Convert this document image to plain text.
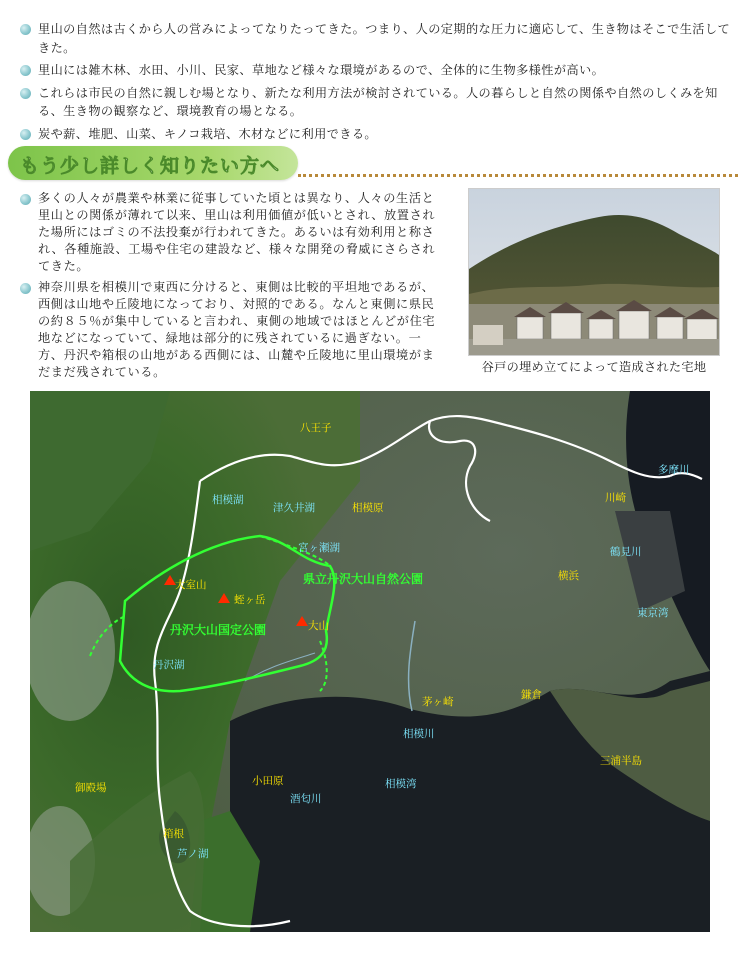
里山の自然は古くから人の営みによってなりたってきた。つまり、人の定期的な圧力に適応して、生き物はそこで生活してきた。
里山には雑木林、水田、小川、民家、草地など様々な環境があるので、全体的に生物多様性が高い。
これらは市民の自然に親しむ場となり、新たな利用方法が検討されている。人の暮らしと自然の関係や自然のしくみを知る、生き物の観察など、環境教育の場となる。
炭や薪、堆肥、山菜、キノコ栽培、木材などに利用できる。
もう少し詳しく知りたい方へ
多くの人々が農業や林業に従事していた頃とは異なり、人々の生活と里山との関係が薄れて以来、里山は利用価値が低いとされ、放置された場所にはゴミの不法投棄が行われてきた。あるいは有効利用と称され、各種施設、工場や住宅の建設など、様々な開発の脅威にさらされてきた。
神奈川県を相模川で東西に分けると、東側は比較的平坦地であるが、西側は山地や丘陵地になっており、対照的である。なんと東側に県民の約８５％が集中していると言われ、東側の地域ではほとんどが住宅地などになっていて、緑地は部分的に残されているに過ぎない。一方、丹沢や箱根の山地がある西側には、山麓や丘陵地に里山環境がまだまだ残されている。	谷戸の埋め立てによって造成された宅地
八王子
多摩川
相模湖
津久井湖	相模原
川崎
宮ヶ瀬湖	鶴見川
県立丹沢大山自然公園
大室山
蛭ヶ岳
横浜
東京湾
丹沢大山国定公園	大山
丹沢湖
茅ヶ崎
鎌倉
相模川
御殿場
小田原	相模湾
三浦半島
酒匂川
箱根
芦ノ湖
